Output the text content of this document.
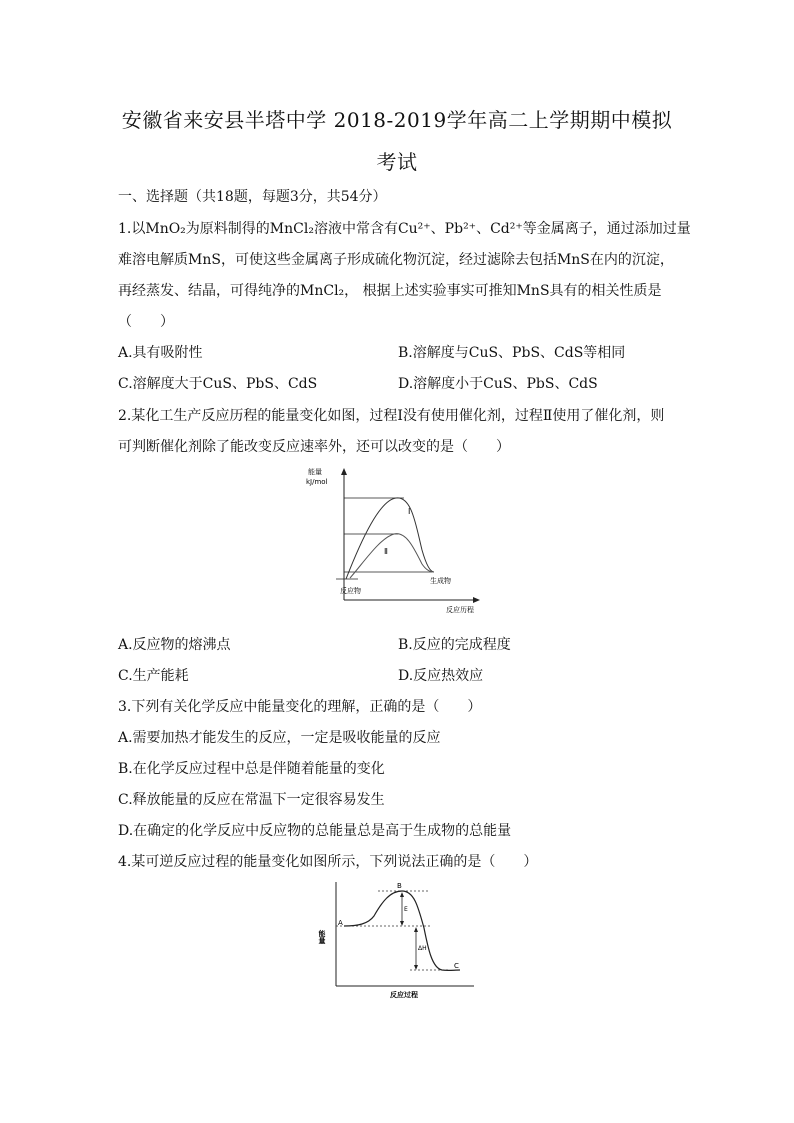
安徽省来安县半塔中学 2018-2019学年高二上学期期中模拟
考试
一、选择题（共18题，每题3分，共54分）
1.以MnO₂为原料制得的MnCl₂溶液中常含有Cu²⁺、Pb²⁺、Cd²⁺等金属离子，通过添加过量
难溶电解质MnS，可使这些金属离子形成硫化物沉淀，经过滤除去包括MnS在内的沉淀，
再经蒸发、结晶，可得纯净的MnCl₂， 根据上述实验事实可推知MnS具有的相关性质是
（　　）
A.具有吸附性	B.溶解度与CuS、PbS、CdS等相同
C.溶解度大于CuS、PbS、CdS	D.溶解度小于CuS、PbS、CdS
2.某化工生产反应历程的能量变化如图，过程Ⅰ没有使用催化剂，过程Ⅱ使用了催化剂，则
可判断催化剂除了能改变反应速率外，还可以改变的是（　　）
能量
kJ/mol
Ⅰ
Ⅱ
反应物
生成物
反应历程
A.反应物的熔沸点	B.反应的完成程度
C.生产能耗	D.反应热效应
3.下列有关化学反应中能量变化的理解，正确的是（　　）
A.需要加热才能发生的反应，一定是吸收能量的反应
B.在化学反应过程中总是伴随着能量的变化
C.释放能量的反应在常温下一定很容易发生
D.在确定的化学反应中反应物的总能量总是高于生成物的总能量
4.某可逆反应过程的能量变化如图所示，下列说法正确的是（　　）
能量
反应过程
A
B
C
E
ΔH
